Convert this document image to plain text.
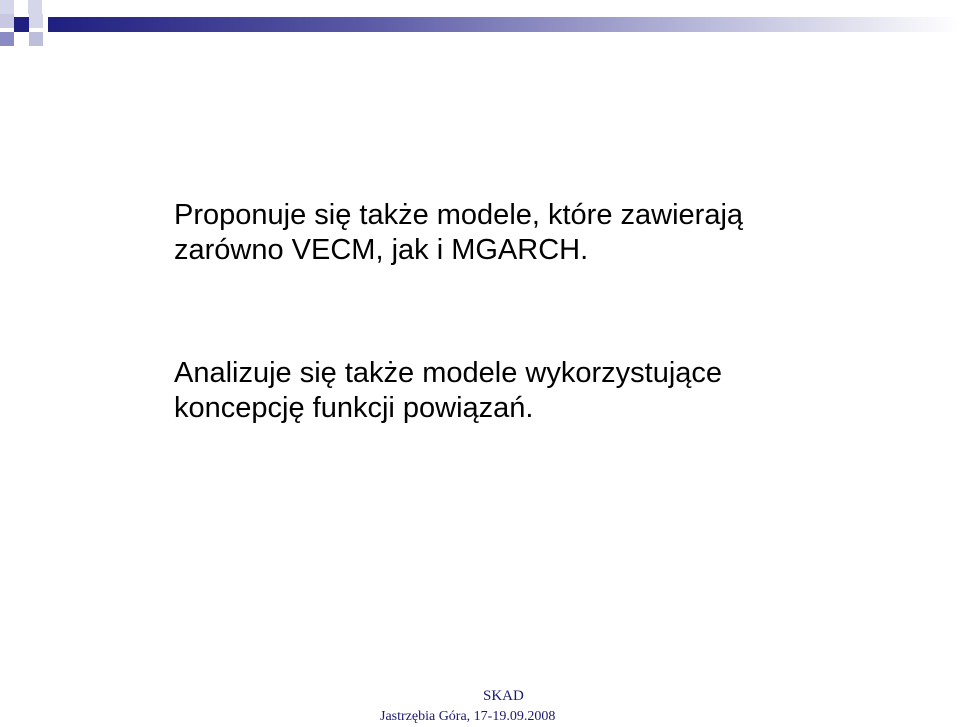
Proponuje się także modele, które zawierają
zarówno VECM, jak i MGARCH.

Analizuje się także modele wykorzystujące
koncepcję funkcji powiązań.

SKAD
Jastrzębia Góra, 17-19.09.2008
